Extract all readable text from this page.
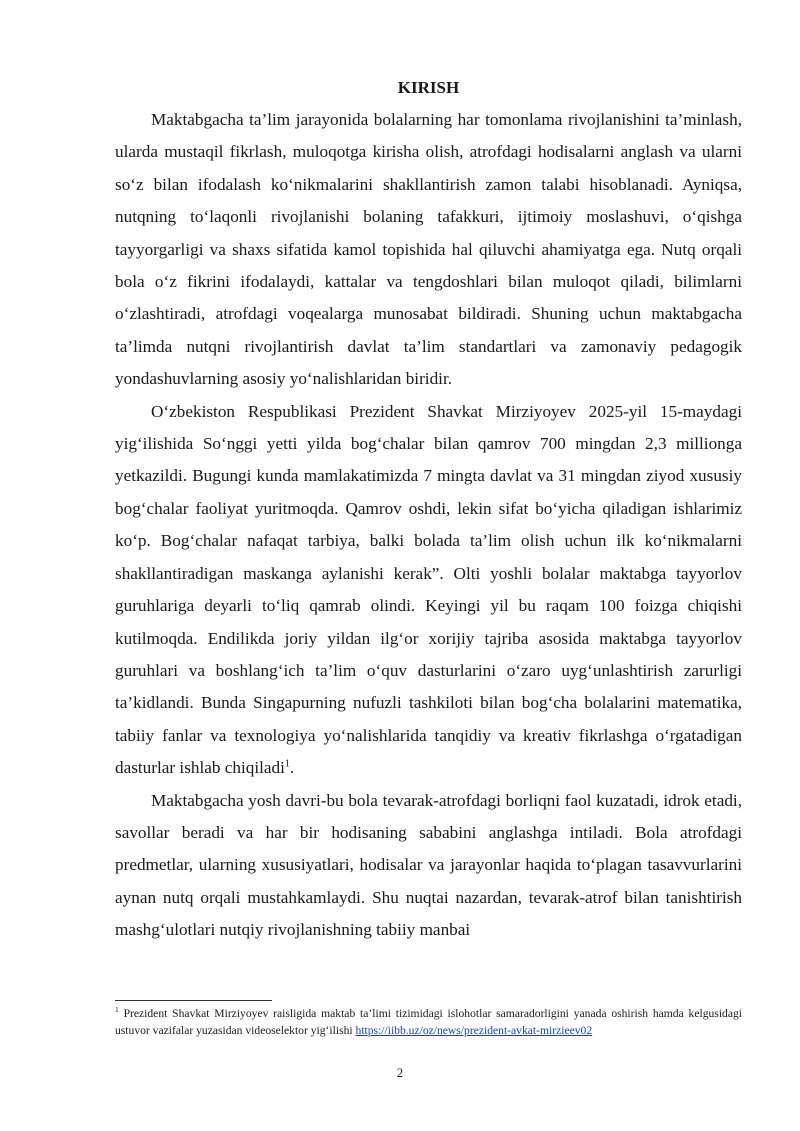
KIRISH

Maktabgacha ta’lim jarayonida bolalarning har tomonlama rivojlanishini ta’minlash, ularda mustaqil fikrlash, muloqotga kirisha olish, atrofdagi hodisalarni anglash va ularni so‘z bilan ifodalash ko‘nikmalarini shakllantirish zamon talabi hisoblanadi. Ayniqsa, nutqning to‘laqonli rivojlanishi bolaning tafakkuri, ijtimoiy moslashuvi, o‘qishga tayyorgarligi va shaxs sifatida kamol topishida hal qiluvchi ahamiyatga ega. Nutq orqali bola o‘z fikrini ifodalaydi, kattalar va tengdoshlari bilan muloqot qiladi, bilimlarni o‘zlashtiradi, atrofdagi voqealarga munosabat bildiradi. Shuning uchun maktabgacha ta’limda nutqni rivojlantirish davlat ta’lim standartlari va zamonaviy pedagogik yondashuvlarning asosiy yo‘nalishlaridan biridir.

O‘zbekiston Respublikasi Prezident Shavkat Mirziyoyev 2025-yil 15-maydagi yig‘ilishida So‘nggi yetti yilda bog‘chalar bilan qamrov 700 mingdan 2,3 millionga yetkazildi. Bugungi kunda mamlakatimizda 7 mingta davlat va 31 mingdan ziyod xususiy bog‘chalar faoliyat yuritmoqda. Qamrov oshdi, lekin sifat bo‘yicha qiladigan ishlarimiz ko‘p. Bog‘chalar nafaqat tarbiya, balki bolada ta’lim olish uchun ilk ko‘nikmalarni shakllantiradigan maskanga aylanishi kerak”. Olti yoshli bolalar maktabga tayyorlov guruhlariga deyarli to‘liq qamrab olindi. Keyingi yil bu raqam 100 foizga chiqishi kutilmoqda. Endilikda joriy yildan ilg‘or xorijiy tajriba asosida maktabga tayyorlov guruhlari va boshlang‘ich ta’lim o‘quv dasturlarini o‘zaro uyg‘unlashtirish zarurligi ta’kidlandi. Bunda Singapurning nufuzli tashkiloti bilan bog‘cha bolalarini matematika, tabiiy fanlar va texnologiya yo‘nalishlarida tanqidiy va kreativ fikrlashga o‘rgatadigan dasturlar ishlab chiqiladi$^1$.

Maktabgacha yosh davri-bu bola tevarak-atrofdagi borliqni faol kuzatadi, idrok etadi, savollar beradi va har bir hodisaning sababini anglashga intiladi. Bola atrofdagi predmetlar, ularning xususiyatlari, hodisalar va jarayonlar haqida to‘plagan tasavvurlarini aynan nutq orqali mustahkamlaydi. Shu nuqtai nazardan, tevarak-atrof bilan tanishtirish mashg‘ulotlari nutqiy rivojlanishning tabiiy manbai

$^1$ Prezident Shavkat Mirziyoyev raisligida maktab ta’limi tizimidagi islohotlar samaradorligini yanada oshirish hamda kelgusidagi ustuvor vazifalar yuzasidan videoselektor yig‘ilishi https://iibb.uz/oz/news/prezident-avkat-mirzieev02
2
